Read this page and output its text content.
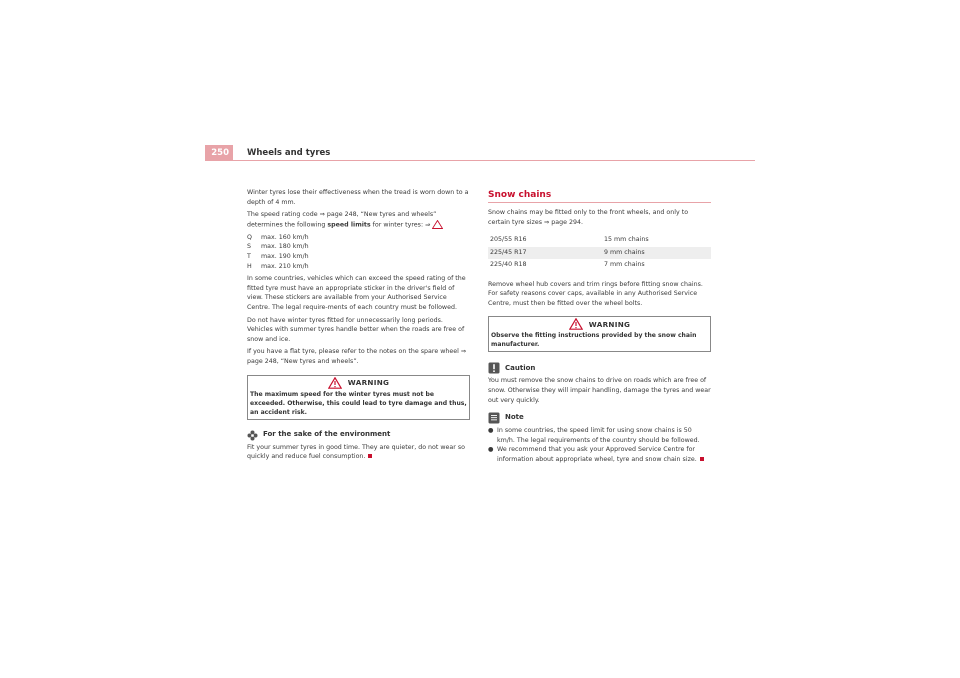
250	Wheels and tyres

Winter tyres lose their effectiveness when the tread is worn down to a depth of 4 mm.

The speed rating code ⇒ page 248, “New tyres and wheels” determines the following speed limits for winter tyres: ⇒

Q	max. 160 km/h
S	max. 180 km/h
T	max. 190 km/h
H	max. 210 km/h

In some countries, vehicles which can exceed the speed rating of the fitted tyre must have an appropriate sticker in the driver's field of view. These stickers are available from your Authorised Service Centre. The legal require-ments of each country must be followed.

Do not have winter tyres fitted for unnecessarily long periods. Vehicles with summer tyres handle better when the roads are free of snow and ice.

If you have a flat tyre, please refer to the notes on the spare wheel ⇒ page 248, “New tyres and wheels”.

WARNING
The maximum speed for the winter tyres must not be exceeded. Otherwise, this could lead to tyre damage and thus, an accident risk.
For the sake of the environment

Fit your summer tyres in good time. They are quieter, do not wear so quickly and reduce fuel consumption.

Snow chains

Snow chains may be fitted only to the front wheels, and only to certain tyre sizes ⇒ page 294.

205/55 R16	15 mm chains
225/45 R17	9 mm chains
225/40 R18	7 mm chains

Remove wheel hub covers and trim rings before fitting snow chains. For safety reasons cover caps, available in any Authorised Service Centre, must then be fitted over the wheel bolts.

WARNING
Observe the fitting instructions provided by the snow chain manufacturer.
Caution

You must remove the snow chains to drive on roads which are free of snow. Otherwise they will impair handling, damage the tyres and wear out very quickly.

Note
● In some countries, the speed limit for using snow chains is 50 km/h. The legal requirements of the country should be followed.
● We recommend that you ask your Approved Service Centre for information about appropriate wheel, tyre and snow chain size.
